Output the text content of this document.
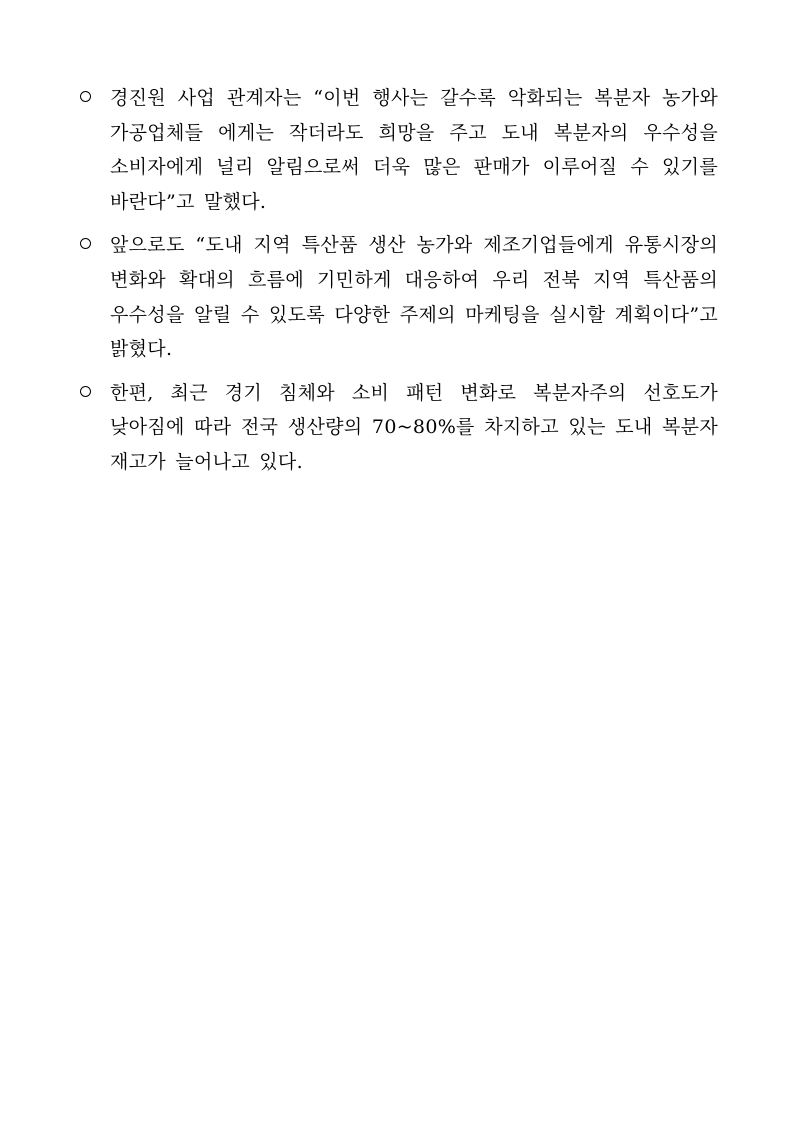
경진원 사업 관계자는 “이번 행사는 갈수록 악화되는 복분자 농가와 가공업체들 에게는 작더라도 희망을 주고 도내 복분자의 우수성을 소비자에게 널리 알림으로써 더욱 많은 판매가 이루어질 수 있기를 바란다”고 말했다.
앞으로도 “도내 지역 특산품 생산 농가와 제조기업들에게 유통시장의 변화와 확대의 흐름에 기민하게 대응하여 우리 전북 지역 특산품의 우수성을 알릴 수 있도록 다양한 주제의 마케팅을 실시할 계획이다”고 밝혔다.
한편, 최근 경기 침체와 소비 패턴 변화로 복분자주의 선호도가 낮아짐에 따라 전국 생산량의 70~80%를 차지하고 있는 도내 복분자 재고가 늘어나고 있다.
